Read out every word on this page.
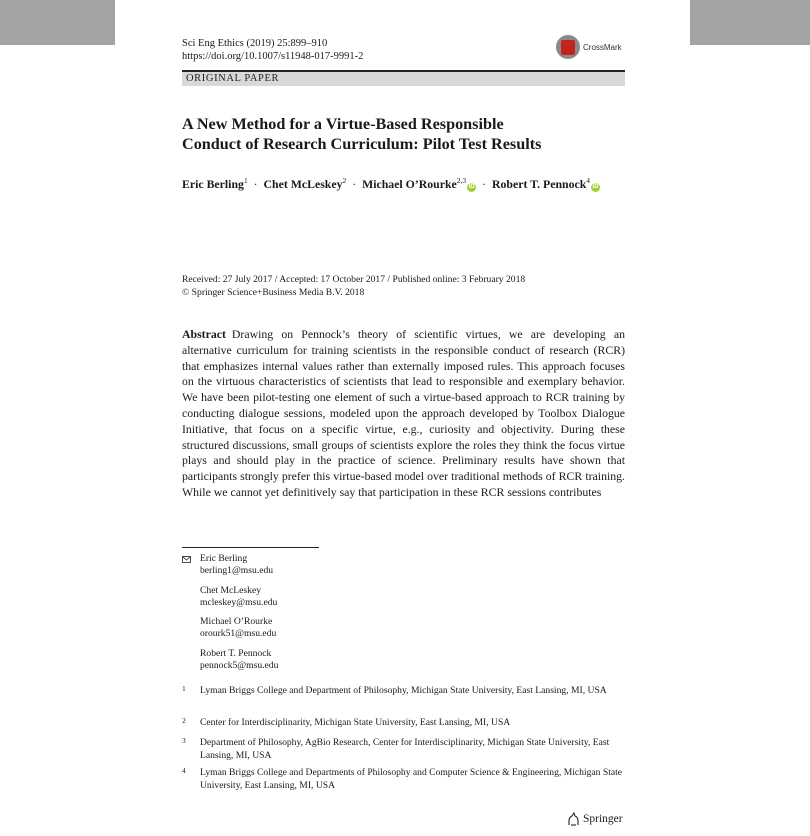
Sci Eng Ethics (2019) 25:899–910
https://doi.org/10.1007/s11948-017-9991-2
CrossMark
ORIGINAL PAPER
A New Method for a Virtue-Based Responsible
Conduct of Research Curriculum: Pilot Test Results
Eric Berling$^1$ · Chet McLeskey$^2$ · Michael O’Rourke$^{2,3}$iD · Robert T. Pennock$^4$iD
Received: 27 July 2017 / Accepted: 17 October 2017 / Published online: 3 February 2018
© Springer Science+Business Media B.V. 2018

Abstract Drawing on Pennock’s theory of scientific virtues, we are developing an alternative curriculum for training scientists in the responsible conduct of research (RCR) that emphasizes internal values rather than externally imposed rules. This approach focuses on the virtuous characteristics of scientists that lead to responsible and exemplary behavior. We have been pilot-testing one element of such a virtue-based approach to RCR training by conducting dialogue sessions, modeled upon the approach developed by Toolbox Dialogue Initiative, that focus on a specific virtue, e.g., curiosity and objectivity. During these structured discussions, small groups of scientists explore the roles they think the focus virtue plays and should play in the practice of science. Preliminary results have shown that participants strongly prefer this virtue-based model over traditional methods of RCR training. While we cannot yet definitively say that participation in these RCR sessions contributes

Eric Berling
berling1@msu.edu
Chet McLeskey
mcleskey@msu.edu
Michael O’Rourke
orourk51@msu.edu
Robert T. Pennock
pennock5@msu.edu
1 Lyman Briggs College and Department of Philosophy, Michigan State University, East Lansing, MI, USA
2 Center for Interdisciplinarity, Michigan State University, East Lansing, MI, USA
3 Department of Philosophy, AgBio Research, Center for Interdisciplinarity, Michigan State University, East Lansing, MI, USA
4 Lyman Briggs College and Departments of Philosophy and Computer Science & Engineering, Michigan State University, East Lansing, MI, USA
Springer
